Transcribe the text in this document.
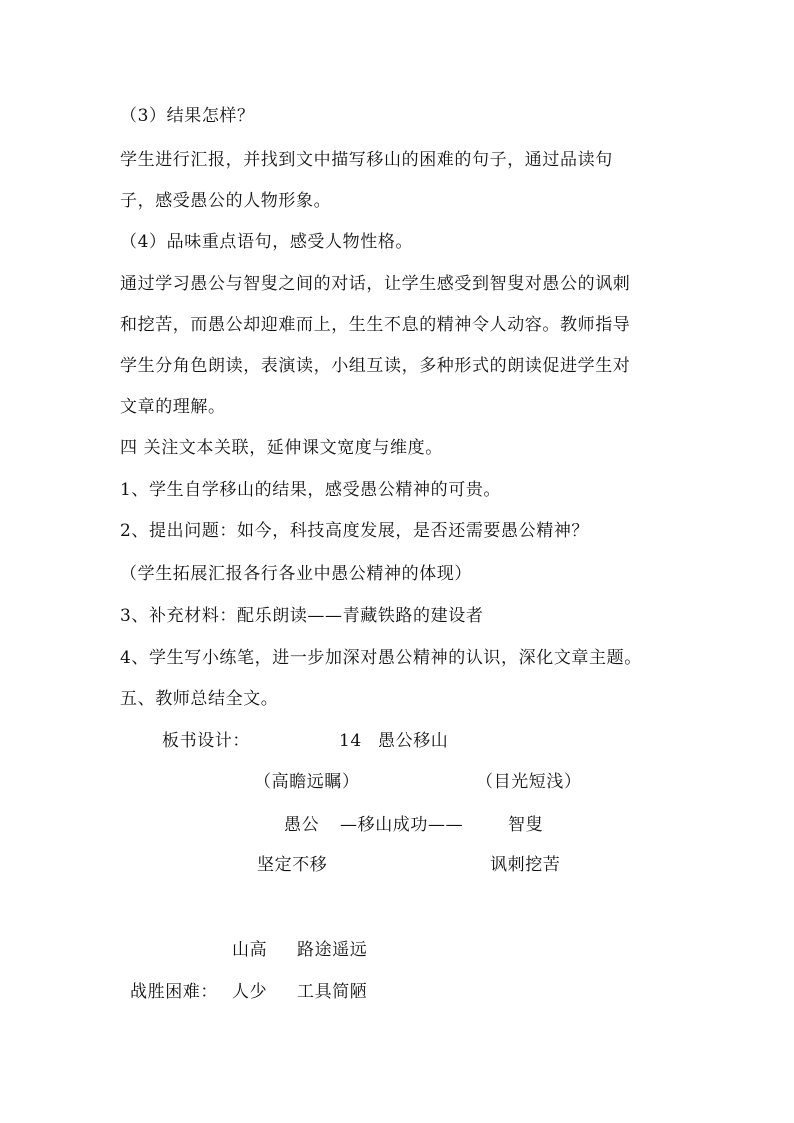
（3）结果怎样？
学生进行汇报，并找到文中描写移山的困难的句子，通过品读句
子，感受愚公的人物形象。
（4）品味重点语句，感受人物性格。
通过学习愚公与智叟之间的对话，让学生感受到智叟对愚公的讽刺
和挖苦，而愚公却迎难而上，生生不息的精神令人动容。教师指导
学生分角色朗读，表演读，小组互读，多种形式的朗读促进学生对
文章的理解。
四 关注文本关联，延伸课文宽度与维度。
1、学生自学移山的结果，感受愚公精神的可贵。
2、提出问题：如今，科技高度发展，是否还需要愚公精神？
（学生拓展汇报各行各业中愚公精神的体现）
3、补充材料：配乐朗读——青藏铁路的建设者
4、学生写小练笔，进一步加深对愚公精神的认识，深化文章主题。
五、教师总结全文。
板书设计：	14 愚公移山
（高瞻远瞩）	（目光短浅）
愚公 —移山成功——	智叟
坚定不移	讽刺挖苦
山高 路途遥远
战胜困难： 人少 工具简陋
